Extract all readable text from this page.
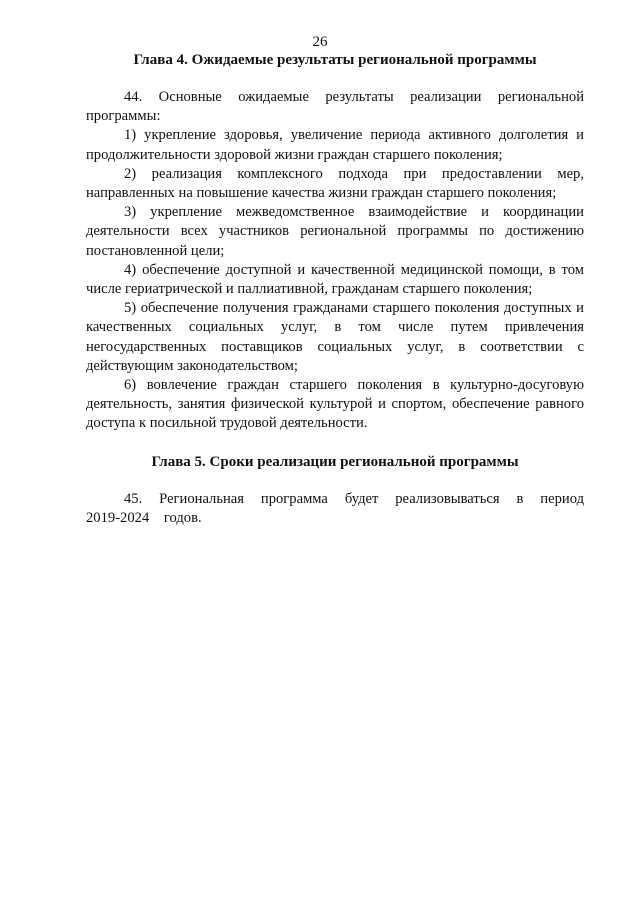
26
Глава 4. Ожидаемые результаты региональной программы

44. Основные ожидаемые результаты реализации региональной программы:

1) укрепление здоровья, увеличение периода активного долголетия и продолжительности здоровой жизни граждан старшего поколения;

2) реализация комплексного подхода при предоставлении мер, направленных на повышение качества жизни граждан старшего поколения;

3) укрепление межведомственное взаимодействие и координации деятельности всех участников региональной программы по достижению постановленной цели;

4) обеспечение доступной и качественной медицинской помощи, в том числе гериатрической и паллиативной, гражданам старшего поколения;

5) обеспечение получения гражданами старшего поколения доступных и качественных социальных услуг, в том числе путем привлечения негосударственных поставщиков социальных услуг, в соответствии с действующим законодательством;

6) вовлечение граждан старшего поколения в культурно-досуговую деятельность, занятия физической культурой и спортом, обеспечение равного доступа к посильной трудовой деятельности.

Глава 5. Сроки реализации региональной программы

45. Региональная программа будет реализовываться в период 2019-2024 годов.
